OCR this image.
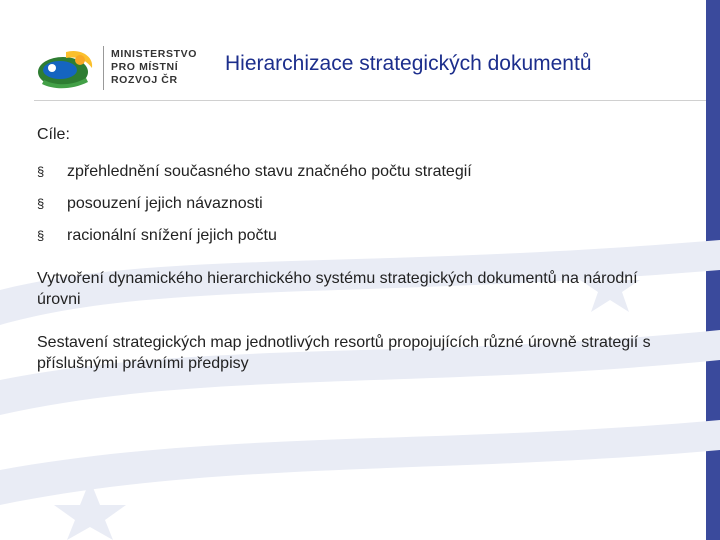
MINISTERSTVO
PRO MÍSTNÍ
ROZVOJ ČR
Hierarchizace strategických dokumentů

Cíle:

§ zpřehlednění současného stavu značného počtu strategií
§ posouzení jejich návaznosti
§ racionální snížení jejich počtu

Vytvoření dynamického hierarchického systému strategických dokumentů na národní úrovni

Sestavení strategických map jednotlivých resortů propojujících různé úrovně strategií s příslušnými právními předpisy
